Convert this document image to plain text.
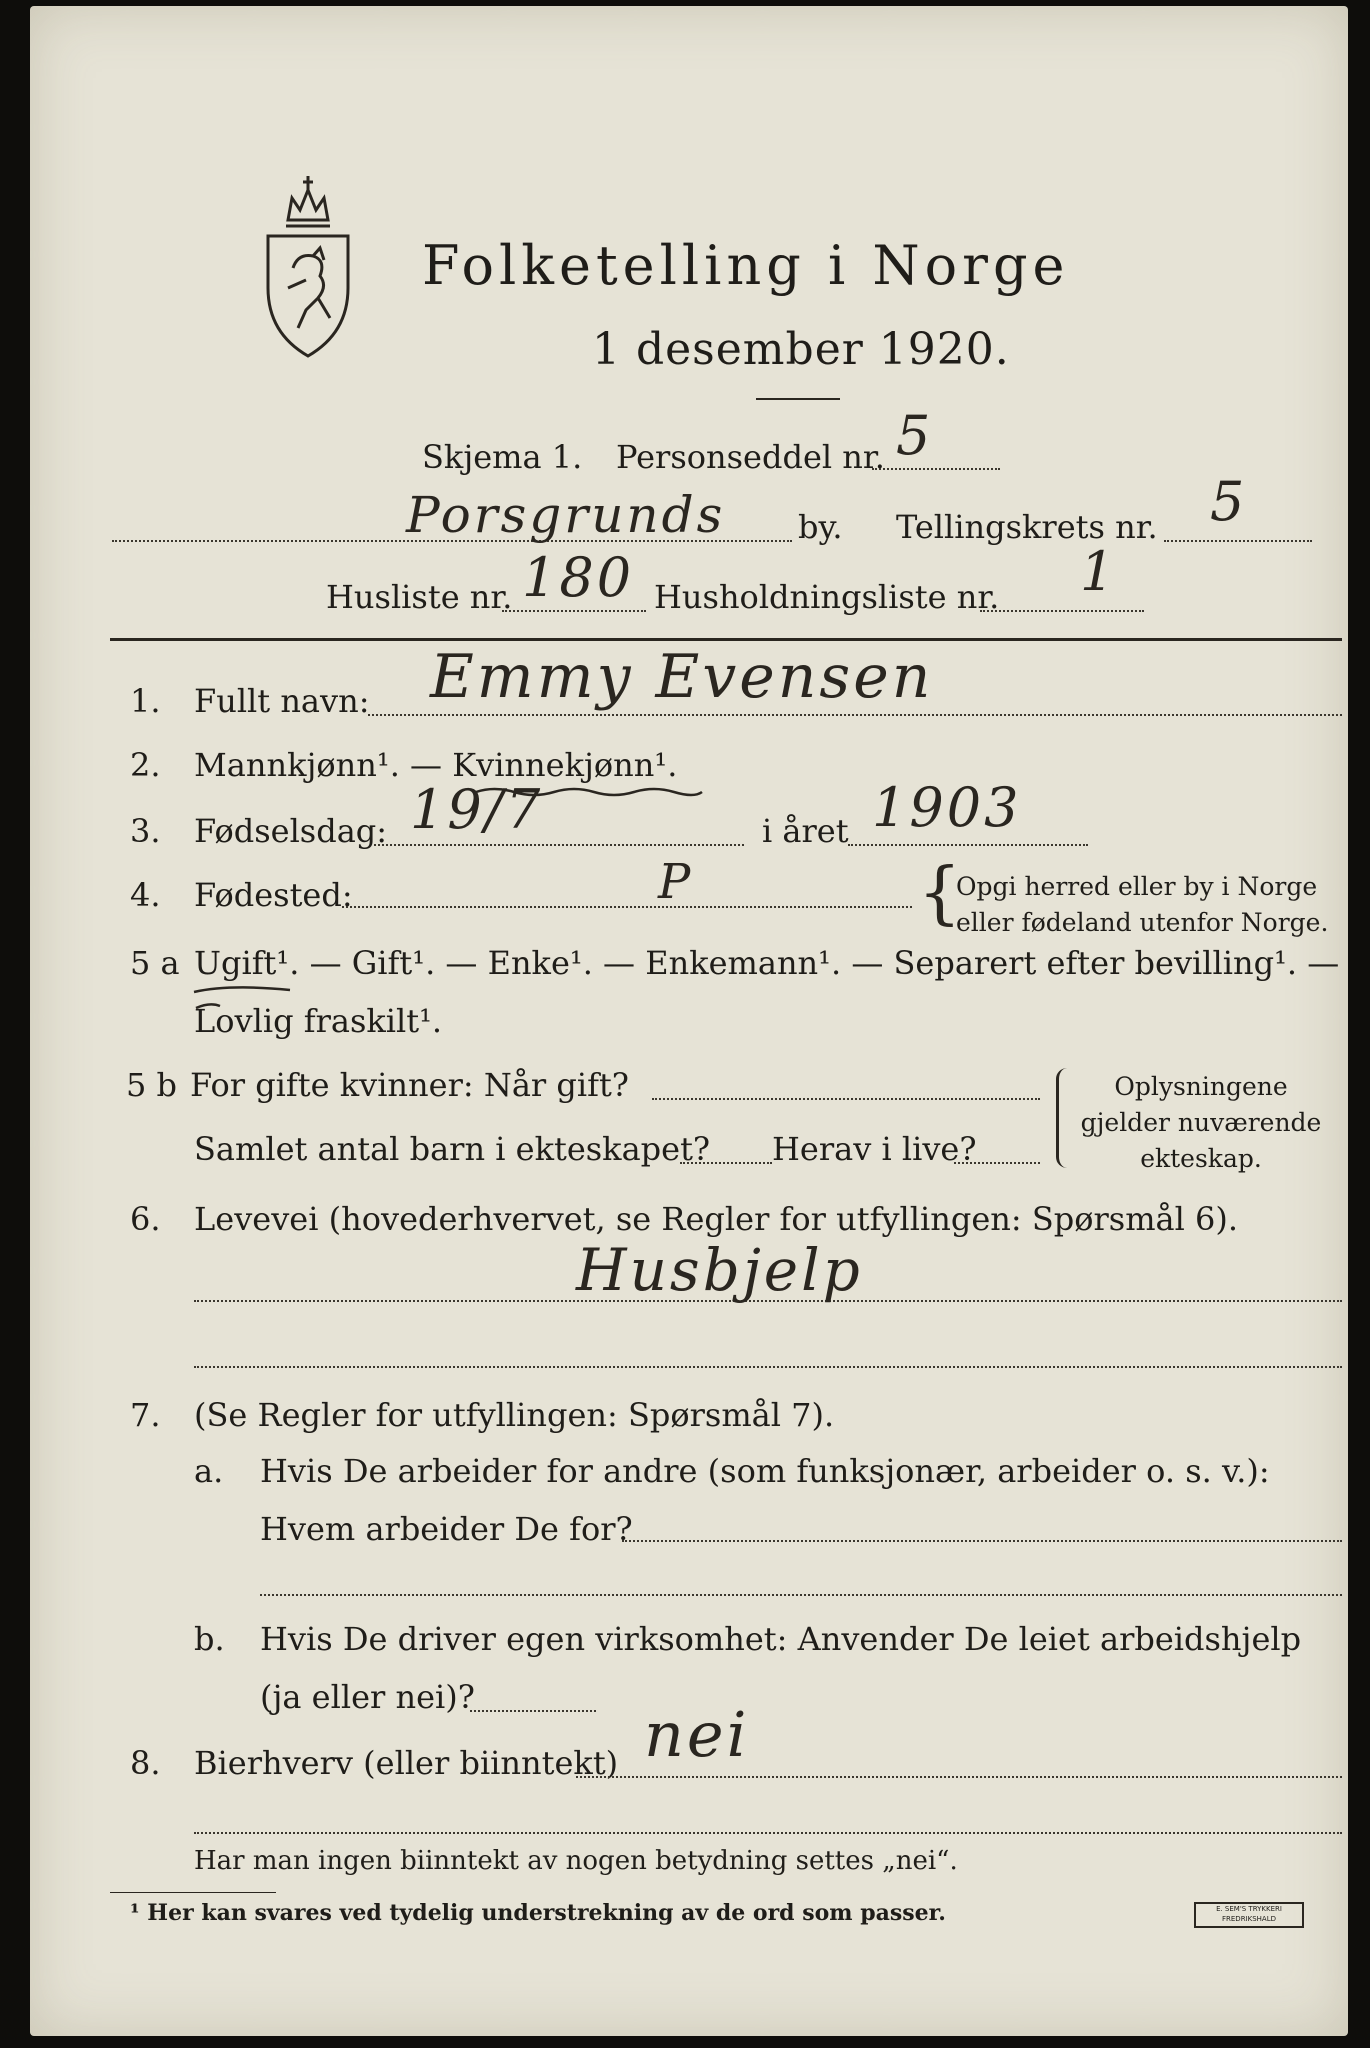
Folketelling i Norge
1 desember 1920.
Skjema 1. Personseddel nr. 5
Porsgrunds by. Tellingskrets nr. 5
Husliste nr. 180 Husholdningsliste nr. 1
1. Fullt navn: Emmy Evensen
2. Mannkjønn¹. — Kvinnekjønn¹.
3. Fødselsdag: 19/7	i året 1903
4. Fødested:	P	{
Opgi herred eller by i Norge
eller fødeland utenfor Norge.
5 a Ugift¹. — Gift¹. — Enke¹. — Enkemann¹. — Separert efter bevilling¹. —
Lovlig fraskilt¹.
5 b For gifte kvinner: Når gift?
Samlet antal barn i ekteskapet? Herav i live?
Oplysningene
gjelder nuværende
ekteskap.
6. Levevei (hovederhvervet, se Regler for utfyllingen: Spørsmål 6).
Husbjelp
7. (Se Regler for utfyllingen: Spørsmål 7).
a. Hvis De arbeider for andre (som funksjonær, arbeider o. s. v.):
Hvem arbeider De for?
b. Hvis De driver egen virksomhet: Anvender De leiet arbeidshjelp
(ja eller nei)?
8. Bierhverv (eller biinntekt) nei
Har man ingen biinntekt av nogen betydning settes „nei“.
¹ Her kan svares ved tydelig understrekning av de ord som passer.	E. SEM'S TRYKKERI
FREDRIKSHALD
